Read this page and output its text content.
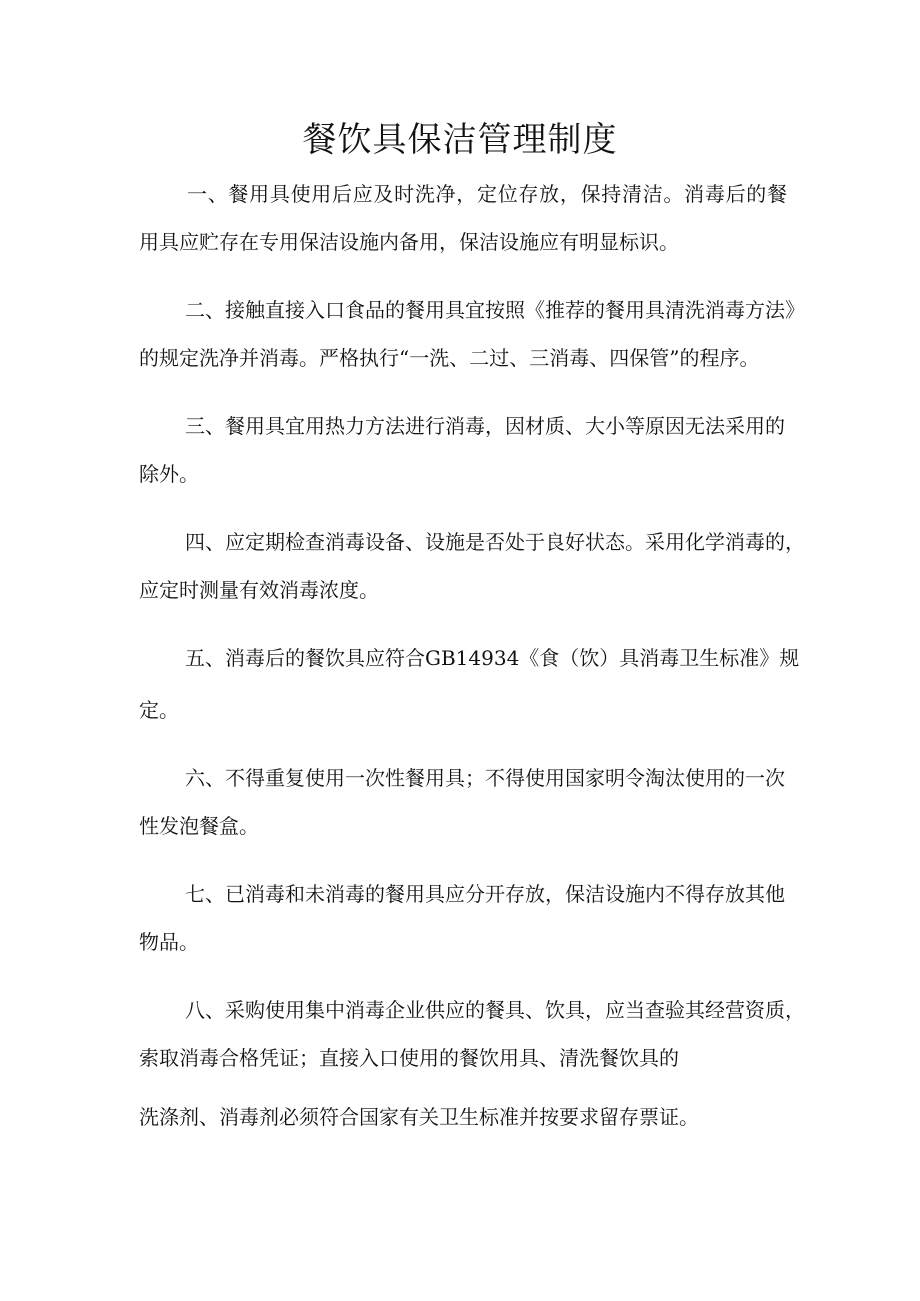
餐饮具保洁管理制度

一、餐用具使用后应及时洗净，定位存放，保持清洁。消毒后的餐

用具应贮存在专用保洁设施内备用，保洁设施应有明显标识。

二、接触直接入口食品的餐用具宜按照《推荐的餐用具清洗消毒方法》

的规定洗净并消毒。严格执行“一洗、二过、三消毒、四保管”的程序。

三、餐用具宜用热力方法进行消毒，因材质、大小等原因无法采用的

除外。

四、应定期检查消毒设备、设施是否处于良好状态。采用化学消毒的，

应定时测量有效消毒浓度。

五、消毒后的餐饮具应符合GB14934《食（饮）具消毒卫生标准》规

定。

六、不得重复使用一次性餐用具；不得使用国家明令淘汰使用的一次

性发泡餐盒。

七、已消毒和未消毒的餐用具应分开存放，保洁设施内不得存放其他

物品。

八、采购使用集中消毒企业供应的餐具、饮具，应当查验其经营资质，

索取消毒合格凭证；直接入口使用的餐饮用具、清洗餐饮具的

洗涤剂、消毒剂必须符合国家有关卫生标准并按要求留存票证。
